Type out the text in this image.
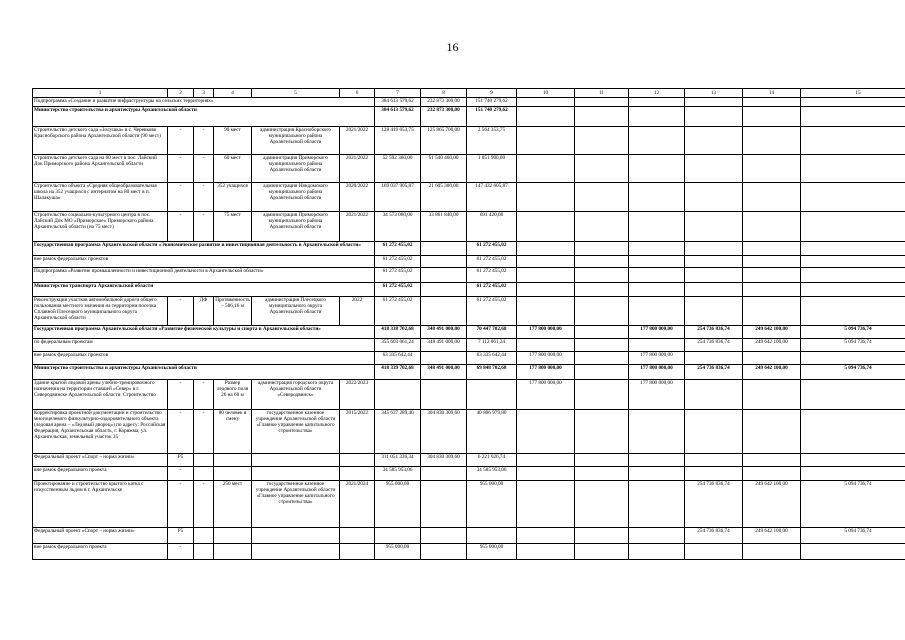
16
1	2	3	4	5	6	7	8	9	10	11	12	13	14	15
Подпрограмма «Создание и развитие инфраструктуры на сельских территориях»						384 613 579,62	232 873 300,00	151 740 279,62						
Министерство строительства и архитектуры Архангельской области						384 613 579,62	232 873 300,00	151 740 279,62						
Строительство детского сада «Золушка» в с. Черевково Красноборского района Архангельской области (90 мест)	-	-	90 мест	администрация Красноборского муниципального района Архангельской области	2021/2022	128 419 053,75	125 865 700,00	2 564 353,75						
Строительство детского сада на 60 мест в пос. Лайский Док Приморского района Архангельской области	-	-	60 мест	администрация Приморского муниципального района Архангельской области	2021/2022	52 592 360,00	51 540 460,00	1 051 900,00						
Строительство объекта «Средняя общеобразовательная школа на 352 учащихся с интернатом на 80 мест в п. Шалакуша»	-	-	352 учащихся	администрация Няндомского муниципального района Архангельской области	2020/2022	169 037 905,87	21 605 300,00	147 432 605,87						
Строительство социально-культурного центра в пос. Лайский Док МО «Приморское» Приморского района Архангельской области (на 75 мест)	-	-	75 мест	администрация Приморского муниципального района Архангельской области	2021/2022	34 573 060,00	33 861 840,00	691 420,00						
Государственная программа Архангельской области «Экономическое развитие и инвестиционная деятельность в Архангельской области»						61 272 455,02		61 272 455,02						
вне рамок федеральных проектов						61 272 455,02		61 272 455,02						
Подпрограмма «Развитие промышленности и инвестиционной деятельности в Архангельской области»						61 272 455,02		61 272 455,02						
Министерство транспорта Архангельской области						61 272 455,02		61 272 455,02						
Реконструкция участков автомобильной дороги общего пользования местного значения на территории поселка Сплавной Плесецкого муниципального округа Архангельской области	-	ДФ	Протяженность – 586,16 м	администрация Плесецкого муниципального округа Архангельской области	2022	61 272 455,02		61 272 455,02						
Государственная программа Архангельской области «Развитие физической культуры и спорта в Архангельской области»						418 338 702,68	348 491 000,00	70 447 702,68	177 800 000,00		177 800 000,00	254 736 836,74	249 642 100,00	5 094 736,74
по федеральным проектам						355 603 061,24	348 491 000,00	7 112 061,24				254 736 836,74	249 642 100,00	5 094 736,74
вне рамок федеральных проектов						63 335 642,44		63 335 642,44	177 800 000,00		177 800 000,00			
Министерство строительства и архитектуры Архангельской области						418 339 702,68	348 491 000,00	69 848 702,68	177 800 000,00		177 800 000,00	254 736 836,74	249 642 100,00	5 094 736,74
Здание крытой ледовой арены учебно-тренировочного назначения на территории ставшей «Север» в г. Северодвинске Архангельской области. Строительство	-	-	Размер ледового поля 26 на 60 м	администрация городского округа Архангельской области «Северодвинск»	2022/2023				177 800 000,00		177 800 000,00			
Корректировка проектной документации и строительство многоцелевого физкультурно-оздоровительного объекта (ледовая арена – «Ледовый дворец») по адресу: Российская Федерация, Архангельская область, г. Коряжма, ул. Архангельская, земельный участок 35	-	-	80 человек в смену	государственное казенное учреждение Архангельской области «Главное управление капитального строительства»	2015/2022	345 637 289,40	304 830 309,60	40 806 979,80						
Федеральный проект «Спорт – норма жизни»	Р5					311 051 336,34	304 830 309,60	6 221 026,74						
вне рамок федерального проекта	-					34 585 953,06		34 585 953,06						
Проектирование и строительство крытого катка с искусственным льдом в г. Архангельске	-	-	250 мест	государственное казенное учреждение Архангельской области «Главное управление капитального строительства»	2021/2024	955 000,00		955 000,00				254 736 836,74	249 642 100,00	5 094 736,74
Федеральный проект «Спорт – норма жизни»	Р5											254 736 836,74	249 642 100,00	5 094 736,74
вне рамок федерального проекта	-					955 000,00		955 000,00						
